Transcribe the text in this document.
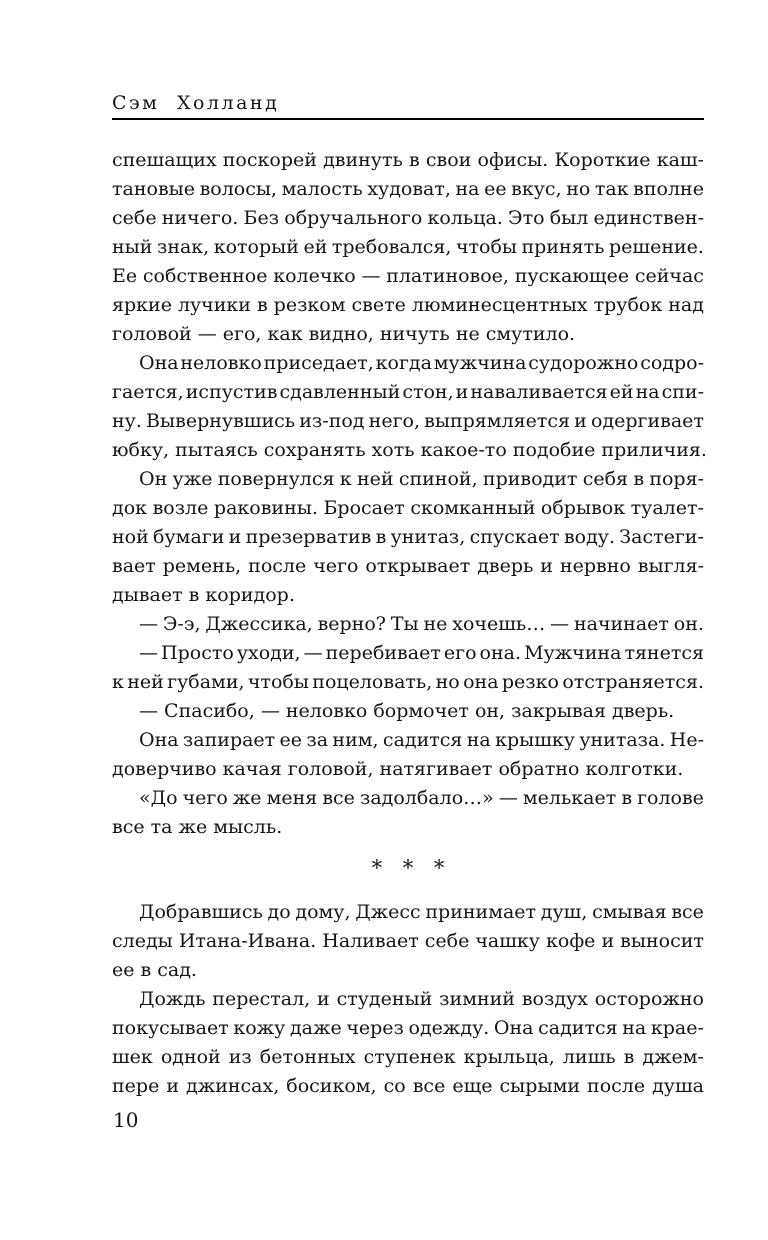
Сэм Холланд
спешащих поскорей двинуть в свои офисы. Короткие каш-
тановые волосы, малость худоват, на ее вкус, но так вполне
себе ничего. Без обручального кольца. Это был единствен-
ный знак, который ей требовался, чтобы принять решение.
Ее собственное колечко — платиновое, пускающее сейчас
яркие лучики в резком свете люминесцентных трубок над
головой — его, как видно, ничуть не смутило.
Она неловко приседает, когда мужчина судорожно содро-
гается, испустив сдавленный стон, и наваливается ей на спи-
ну. Вывернувшись из-под него, выпрямляется и одергивает
юбку, пытаясь сохранять хоть какое-то подобие приличия.
Он уже повернулся к ней спиной, приводит себя в поря-
док возле раковины. Бросает скомканный обрывок туалет-
ной бумаги и презерватив в унитаз, спускает воду. Застеги-
вает ремень, после чего открывает дверь и нервно выгля-
дывает в коридор.
— Э-э, Джессика, верно? Ты не хочешь… — начинает он.
— Просто уходи, — перебивает его она. Мужчина тянется
к ней губами, чтобы поцеловать, но она резко отстраняется.
— Спасибо, — неловко бормочет он, закрывая дверь.
Она запирает ее за ним, садится на крышку унитаза. Не-
доверчиво качая головой, натягивает обратно колготки.
«До чего же меня все задолбало…» — мелькает в голове
все та же мысль.
* * *
Добравшись до дому, Джесс принимает душ, смывая все
следы Итана-Ивана. Наливает себе чашку кофе и выносит
ее в сад.
Дождь перестал, и студеный зимний воздух осторожно
покусывает кожу даже через одежду. Она садится на крае-
шек одной из бетонных ступенек крыльца, лишь в джем-
пере и джинсах, босиком, со все еще сырыми после душа
10
